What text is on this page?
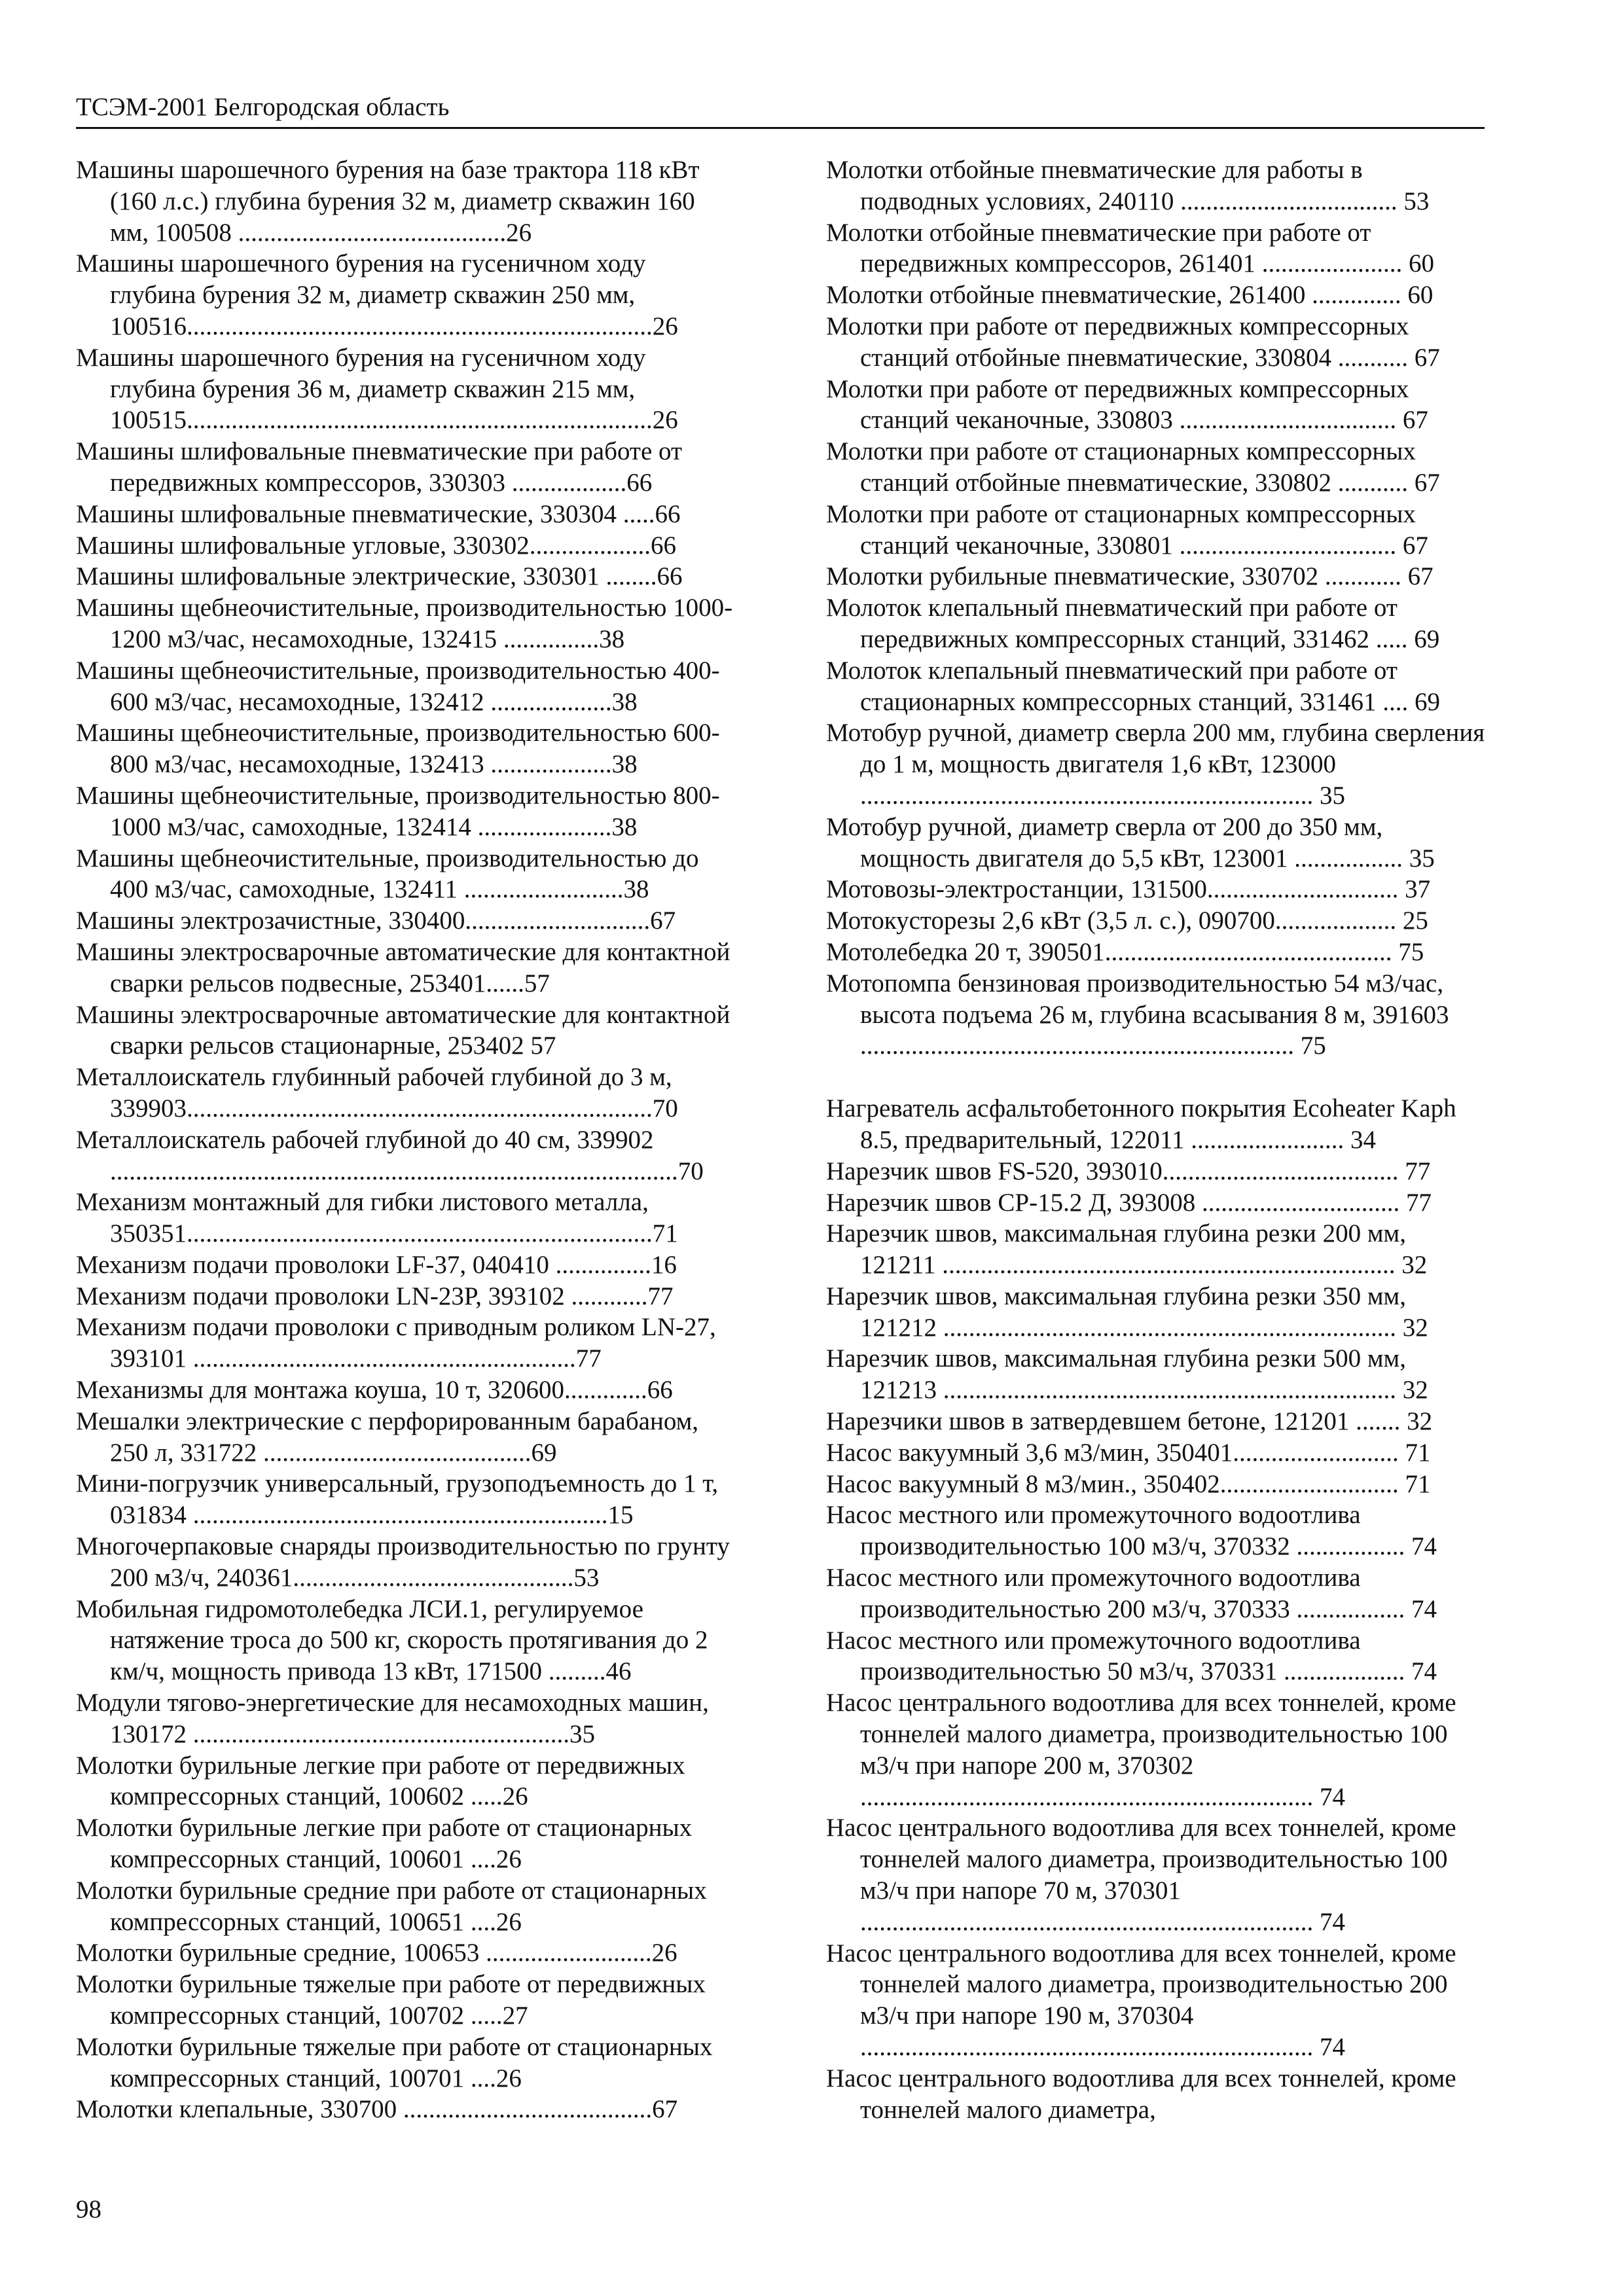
ТСЭМ-2001 Белгородская область
Машины шарошечного бурения на базе трактора 118 кВт (160 л.с.) глубина бурения 32 м, диаметр скважин 160 мм, 100508 ..........................................26
Машины шарошечного бурения на гусеничном ходу глубина бурения 32 м, диаметр скважин 250 мм, 100516.........................................................................26
Машины шарошечного бурения на гусеничном ходу глубина бурения 36 м, диаметр скважин 215 мм, 100515.........................................................................26
Машины шлифовальные пневматические при работе от передвижных компрессоров, 330303 ..................66
Машины шлифовальные пневматические, 330304 .....66
Машины шлифовальные угловые, 330302...................66
Машины шлифовальные электрические, 330301 ........66
Машины щебнеочистительные, производительностью 1000-1200 м3/час, несамоходные, 132415 ...............38
Машины щебнеочистительные, производительностью 400-600 м3/час, несамоходные, 132412 ...................38
Машины щебнеочистительные, производительностью 600-800 м3/час, несамоходные, 132413 ...................38
Машины щебнеочистительные, производительностью 800-1000 м3/час, самоходные, 132414 .....................38
Машины щебнеочистительные, производительностью до 400 м3/час, самоходные, 132411 .........................38
Машины электрозачистные, 330400.............................67
Машины электросварочные автоматические для контактной сварки рельсов подвесные, 253401......57
Машины электросварочные автоматические для контактной сварки рельсов стационарные, 253402 57
Металлоискатель глубинный рабочей глубиной до 3 м, 339903.........................................................................70
Металлоискатель рабочей глубиной до 40 см, 339902 .........................................................................................70
Механизм монтажный для гибки листового металла, 350351.........................................................................71
Механизм подачи проволоки LF-37, 040410 ...............16
Механизм подачи проволоки LN-23P, 393102 ............77
Механизм подачи проволоки с приводным роликом LN-27, 393101 ............................................................77
Механизмы для монтажа коуша, 10 т, 320600.............66
Мешалки электрические с перфорированным барабаном, 250 л, 331722 ..........................................69
Мини-погрузчик универсальный, грузоподъемность до 1 т, 031834 .................................................................15
Многочерпаковые снаряды производительностью по грунту 200 м3/ч, 240361............................................53
Мобильная гидромотолебедка ЛСИ.1, регулируемое натяжение троса до 500 кг, скорость протягивания до 2 км/ч, мощность привода 13 кВт, 171500 .........46
Модули тягово-энергетические для несамоходных машин, 130172 ...........................................................35
Молотки бурильные легкие при работе от передвижных компрессорных станций, 100602 .....26
Молотки бурильные легкие при работе от стационарных компрессорных станций, 100601 ....26
Молотки бурильные средние при работе от стационарных компрессорных станций, 100651 ....26
Молотки бурильные средние, 100653 ..........................26
Молотки бурильные тяжелые при работе от передвижных компрессорных станций, 100702 .....27
Молотки бурильные тяжелые при работе от стационарных компрессорных станций, 100701 ....26
Молотки клепальные, 330700 .......................................67
Молотки отбойные пневматические для работы в подводных условиях, 240110 .................................. 53
Молотки отбойные пневматические при работе от передвижных компрессоров, 261401 ...................... 60
Молотки отбойные пневматические, 261400 .............. 60
Молотки при работе от передвижных компрессорных станций отбойные пневматические, 330804 ........... 67
Молотки при работе от передвижных компрессорных станций чеканочные, 330803 .................................. 67
Молотки при работе от стационарных компрессорных станций отбойные пневматические, 330802 ........... 67
Молотки при работе от стационарных компрессорных станций чеканочные, 330801 .................................. 67
Молотки рубильные пневматические, 330702 ............ 67
Молоток клепальный пневматический при работе от передвижных компрессорных станций, 331462 ..... 69
Молоток клепальный пневматический при работе от стационарных компрессорных станций, 331461 .... 69
Мотобур ручной, диаметр сверла 200 мм, глубина сверления до 1 м, мощность двигателя 1,6 кВт, 123000 ....................................................................... 35
Мотобур ручной, диаметр сверла от 200 до 350 мм, мощность двигателя до 5,5 кВт, 123001 ................. 35
Мотовозы-электростанции, 131500.............................. 37
Мотокусторезы 2,6 кВт (3,5 л. с.), 090700................... 25
Мотолебедка 20 т, 390501............................................. 75
Мотопомпа бензиновая производительностью 54 м3/час, высота подъема 26 м, глубина всасывания 8 м, 391603 .................................................................... 75
Нагреватель асфальтобетонного покрытия Ecoheater Kaph 8.5, предварительный, 122011 ........................ 34
Нарезчик швов FS-520, 393010..................................... 77
Нарезчик швов CP-15.2 Д, 393008 ............................... 77
Нарезчик швов, максимальная глубина резки 200 мм, 121211 ....................................................................... 32
Нарезчик швов, максимальная глубина резки 350 мм, 121212 ....................................................................... 32
Нарезчик швов, максимальная глубина резки 500 мм, 121213 ....................................................................... 32
Нарезчики швов в затвердевшем бетоне, 121201 ....... 32
Насос вакуумный 3,6 м3/мин, 350401.......................... 71
Насос вакуумный 8 м3/мин., 350402............................ 71
Насос местного или промежуточного водоотлива производительностью 100 м3/ч, 370332 ................. 74
Насос местного или промежуточного водоотлива производительностью 200 м3/ч, 370333 ................. 74
Насос местного или промежуточного водоотлива производительностью 50 м3/ч, 370331 ................... 74
Насос центрального водоотлива для всех тоннелей, кроме тоннелей малого диаметра, производительностью 100 м3/ч при напоре 200 м, 370302 ....................................................................... 74
Насос центрального водоотлива для всех тоннелей, кроме тоннелей малого диаметра, производительностью 100 м3/ч при напоре 70 м, 370301 ....................................................................... 74
Насос центрального водоотлива для всех тоннелей, кроме тоннелей малого диаметра, производительностью 200 м3/ч при напоре 190 м, 370304 ....................................................................... 74
Насос центрального водоотлива для всех тоннелей, кроме тоннелей малого диаметра,
98
